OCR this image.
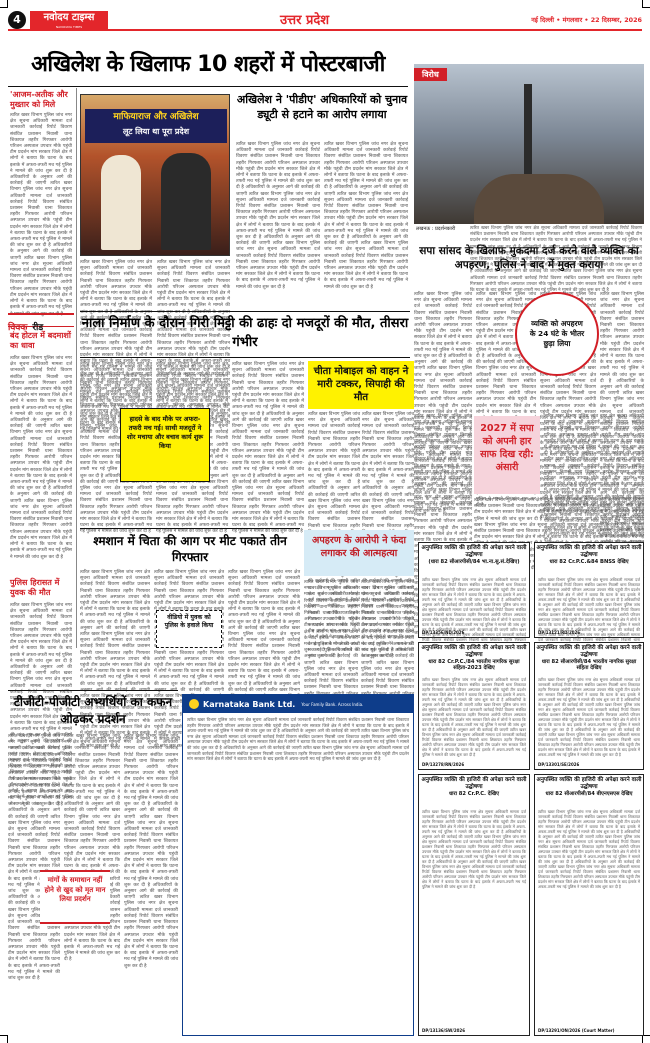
4	नवोदय टाइम्स
NAVODAYA TIMES	उत्तर प्रदेश	नई दिल्ली • मंगलवार • 22 दिसम्बर, 2026
अखिलेश के खिलाफ 10 शहरों में पोस्टरबाजी
'आजम-अतीक और मुख्तार को मिले
त्वरित खबर विभाग पुलिस जांच नगर क्षेत्र सूचना अधिकारी मामला दर्ज जानकारी कार्रवाई रिपोर्ट विवरण संबंधित प्रशासन निवासी थाना शिकायत तहरीर गिरफ्तार आरोपी परिजन अस्पताल उपचार मौके पहुंची टीम प्रदर्शन मांग सरकार जिले क्षेत्र में लोगों ने बताया कि घटना के बाद इलाके में अफरा-तफरी मच गई पुलिस ने मामले की जांच शुरू कर दी है अधिकारियों के अनुसार आगे की कार्रवाई की जाएगी त्वरित खबर विभाग पुलिस जांच नगर क्षेत्र सूचना अधिकारी मामला दर्ज जानकारी कार्रवाई रिपोर्ट विवरण संबंधित प्रशासन निवासी थाना शिकायत तहरीर गिरफ्तार आरोपी परिजन अस्पताल उपचार मौके पहुंची टीम प्रदर्शन मांग सरकार जिले क्षेत्र में लोगों ने बताया कि घटना के बाद इलाके में अफरा-तफरी मच गई पुलिस ने मामले की जांच शुरू कर दी है अधिकारियों के अनुसार आगे की कार्रवाई की जाएगी त्वरित खबर विभाग पुलिस जांच नगर क्षेत्र सूचना अधिकारी मामला दर्ज जानकारी कार्रवाई रिपोर्ट विवरण संबंधित प्रशासन निवासी थाना शिकायत तहरीर गिरफ्तार आरोपी परिजन अस्पताल उपचार मौके पहुंची टीम प्रदर्शन मांग सरकार जिले क्षेत्र में लोगों ने बताया कि घटना के बाद इलाके में अफरा-तफरी मच गई पुलिस ने मामले की जांच शुरू कर दी है
विवक रीड
बंद होटल में बदमाशों का धावा
त्वरित खबर विभाग पुलिस जांच नगर क्षेत्र सूचना अधिकारी मामला दर्ज जानकारी कार्रवाई रिपोर्ट विवरण संबंधित प्रशासन निवासी थाना शिकायत तहरीर गिरफ्तार आरोपी परिजन अस्पताल उपचार मौके पहुंची टीम प्रदर्शन मांग सरकार जिले क्षेत्र में लोगों ने बताया कि घटना के बाद इलाके में अफरा-तफरी मच गई पुलिस ने मामले की जांच शुरू कर दी है अधिकारियों के अनुसार आगे की कार्रवाई की जाएगी त्वरित खबर विभाग पुलिस जांच नगर क्षेत्र सूचना अधिकारी मामला दर्ज जानकारी कार्रवाई रिपोर्ट विवरण संबंधित प्रशासन निवासी थाना शिकायत तहरीर गिरफ्तार आरोपी परिजन अस्पताल उपचार मौके पहुंची टीम प्रदर्शन मांग सरकार जिले क्षेत्र में लोगों ने बताया कि घटना के बाद इलाके में अफरा-तफरी मच गई पुलिस ने मामले की जांच शुरू कर दी है अधिकारियों के अनुसार आगे की कार्रवाई की जाएगी त्वरित खबर विभाग पुलिस जांच नगर क्षेत्र सूचना अधिकारी मामला दर्ज जानकारी कार्रवाई रिपोर्ट विवरण संबंधित प्रशासन निवासी थाना शिकायत तहरीर गिरफ्तार आरोपी परिजन अस्पताल उपचार मौके पहुंची टीम प्रदर्शन मांग सरकार जिले क्षेत्र में लोगों ने बताया कि घटना के बाद इलाके में अफरा-तफरी मच गई पुलिस ने मामले की जांच शुरू कर दी है
पुलिस हिरासत में युवक की मौत
त्वरित खबर विभाग पुलिस जांच नगर क्षेत्र सूचना अधिकारी मामला दर्ज जानकारी कार्रवाई रिपोर्ट विवरण संबंधित प्रशासन निवासी थाना शिकायत तहरीर गिरफ्तार आरोपी परिजन अस्पताल उपचार मौके पहुंची टीम प्रदर्शन मांग सरकार जिले क्षेत्र में लोगों ने बताया कि घटना के बाद इलाके में अफरा-तफरी मच गई पुलिस ने मामले की जांच शुरू कर दी है अधिकारियों के अनुसार आगे की कार्रवाई की जाएगी त्वरित खबर विभाग पुलिस जांच नगर क्षेत्र सूचना अधिकारी मामला दर्ज जानकारी कार्रवाई रिपोर्ट विवरण संबंधित प्रशासन निवासी थाना शिकायत तहरीर गिरफ्तार आरोपी परिजन अस्पताल उपचार मौके पहुंची टीम प्रदर्शन मांग सरकार जिले क्षेत्र में लोगों ने बताया कि घटना के बाद इलाके में अफरा-तफरी मच गई पुलिस ने मामले की जांच शुरू कर दी है अधिकारियों के अनुसार आगे की कार्रवाई की जाएगी त्वरित खबर विभाग पुलिस जांच नगर क्षेत्र सूचना अधिकारी मामला दर्ज जानकारी कार्रवाई रिपोर्ट विवरण संबंधित प्रशासन निवासी थाना शिकायत तहरीर गिरफ्तार आरोपी परिजन अस्पताल उपचार मौके पहुंची टीम प्रदर्शन मांग सरकार जिले क्षेत्र में लोगों ने बताया कि घटना के बाद इलाके में अफरा-तफरी मच गई पुलिस ने मामले की जांच शुरू कर दी है
माफियाराज और अखिलेश
लूट लिया था पूरा प्रदेश
त्वरित खबर विभाग पुलिस जांच नगर क्षेत्र सूचना अधिकारी मामला दर्ज जानकारी कार्रवाई रिपोर्ट विवरण संबंधित प्रशासन निवासी थाना शिकायत तहरीर गिरफ्तार आरोपी परिजन अस्पताल उपचार मौके पहुंची टीम प्रदर्शन मांग सरकार जिले क्षेत्र में लोगों ने बताया कि घटना के बाद इलाके में अफरा-तफरी मच गई पुलिस ने मामले की जांच शुरू कर दी है अधिकारियों के अनुसार आगे की कार्रवाई की जाएगी त्वरित खबर विभाग पुलिस जांच नगर क्षेत्र सूचना अधिकारी मामला दर्ज जानकारी कार्रवाई रिपोर्ट विवरण संबंधित प्रशासन निवासी थाना शिकायत तहरीर गिरफ्तार आरोपी परिजन अस्पताल उपचार मौके पहुंची टीम प्रदर्शन मांग सरकार जिले क्षेत्र में लोगों ने बताया कि घटना के बाद इलाके में अफरा-तफरी मच गई पुलिस ने मामले की जांच शुरू कर दी है अधिकारियों के अनुसार आगे की कार्रवाई की जाएगी त्वरित खबर विभाग पुलिस जांच नगर क्षेत्र सूचना अधिकारी मामला दर्ज जानकारी कार्रवाई रिपोर्ट विवरण संबंधित प्रशासन निवासी थाना शिकायत तहरीर गिरफ्तार आरोपी परिजन अस्पताल उपचार मौके पहुंची टीम प्रदर्शन मांग सरकार जिले क्षेत्र में लोगों ने बताया कि घटना के बाद इलाके में अफरा-तफरी मच गई पुलिस ने मामले की जांच शुरू कर दी है
त्वरित खबर विभाग पुलिस जांच नगर क्षेत्र सूचना अधिकारी मामला दर्ज जानकारी कार्रवाई रिपोर्ट विवरण संबंधित प्रशासन निवासी थाना शिकायत तहरीर गिरफ्तार आरोपी परिजन अस्पताल उपचार मौके पहुंची टीम प्रदर्शन मांग सरकार जिले क्षेत्र में लोगों ने बताया कि घटना के बाद इलाके में अफरा-तफरी मच गई पुलिस ने मामले की जांच शुरू कर दी है अधिकारियों के अनुसार आगे की कार्रवाई की जाएगी त्वरित खबर विभाग पुलिस जांच नगर क्षेत्र सूचना अधिकारी मामला दर्ज जानकारी कार्रवाई रिपोर्ट विवरण संबंधित प्रशासन निवासी थाना शिकायत तहरीर गिरफ्तार आरोपी परिजन अस्पताल उपचार मौके पहुंची टीम प्रदर्शन मांग सरकार जिले क्षेत्र में लोगों ने बताया कि घटना के बाद इलाके में अफरा-तफरी मच गई पुलिस ने मामले की जांच शुरू कर दी है अधिकारियों के अनुसार आगे की कार्रवाई की जाएगी त्वरित खबर विभाग पुलिस जांच नगर क्षेत्र सूचना अधिकारी मामला दर्ज जानकारी कार्रवाई रिपोर्ट विवरण संबंधित प्रशासन निवासी थाना शिकायत तहरीर गिरफ्तार आरोपी परिजन अस्पताल उपचार मौके पहुंची टीम प्रदर्शन मांग सरकार जिले क्षेत्र में लोगों ने बताया कि घटना के बाद इलाके में अफरा-तफरी मच गई पुलिस ने मामले की जांच शुरू कर दी है
अखिलेश ने 'पीडीए' अधिकारियों को चुनाव ड्यूटी से हटाने का आरोप लगाया
त्वरित खबर विभाग पुलिस जांच नगर क्षेत्र सूचना अधिकारी मामला दर्ज जानकारी कार्रवाई रिपोर्ट विवरण संबंधित प्रशासन निवासी थाना शिकायत तहरीर गिरफ्तार आरोपी परिजन अस्पताल उपचार मौके पहुंची टीम प्रदर्शन मांग सरकार जिले क्षेत्र में लोगों ने बताया कि घटना के बाद इलाके में अफरा-तफरी मच गई पुलिस ने मामले की जांच शुरू कर दी है अधिकारियों के अनुसार आगे की कार्रवाई की जाएगी त्वरित खबर विभाग पुलिस जांच नगर क्षेत्र सूचना अधिकारी मामला दर्ज जानकारी कार्रवाई रिपोर्ट विवरण संबंधित प्रशासन निवासी थाना शिकायत तहरीर गिरफ्तार आरोपी परिजन अस्पताल उपचार मौके पहुंची टीम प्रदर्शन मांग सरकार जिले क्षेत्र में लोगों ने बताया कि घटना के बाद इलाके में अफरा-तफरी मच गई पुलिस ने मामले की जांच शुरू कर दी है अधिकारियों के अनुसार आगे की कार्रवाई की जाएगी त्वरित खबर विभाग पुलिस जांच नगर क्षेत्र सूचना अधिकारी मामला दर्ज जानकारी कार्रवाई रिपोर्ट विवरण संबंधित प्रशासन निवासी थाना शिकायत तहरीर गिरफ्तार आरोपी परिजन अस्पताल उपचार मौके पहुंची टीम प्रदर्शन मांग सरकार जिले क्षेत्र में लोगों ने बताया कि घटना के बाद इलाके में अफरा-तफरी मच गई पुलिस ने मामले की जांच शुरू कर दी है
त्वरित खबर विभाग पुलिस जांच नगर क्षेत्र सूचना अधिकारी मामला दर्ज जानकारी कार्रवाई रिपोर्ट विवरण संबंधित प्रशासन निवासी थाना शिकायत तहरीर गिरफ्तार आरोपी परिजन अस्पताल उपचार मौके पहुंची टीम प्रदर्शन मांग सरकार जिले क्षेत्र में लोगों ने बताया कि घटना के बाद इलाके में अफरा-तफरी मच गई पुलिस ने मामले की जांच शुरू कर दी है अधिकारियों के अनुसार आगे की कार्रवाई की जाएगी त्वरित खबर विभाग पुलिस जांच नगर क्षेत्र सूचना अधिकारी मामला दर्ज जानकारी कार्रवाई रिपोर्ट विवरण संबंधित प्रशासन निवासी थाना शिकायत तहरीर गिरफ्तार आरोपी परिजन अस्पताल उपचार मौके पहुंची टीम प्रदर्शन मांग सरकार जिले क्षेत्र में लोगों ने बताया कि घटना के बाद इलाके में अफरा-तफरी मच गई पुलिस ने मामले की जांच शुरू कर दी है अधिकारियों के अनुसार आगे की कार्रवाई की जाएगी त्वरित खबर विभाग पुलिस जांच नगर क्षेत्र सूचना अधिकारी मामला दर्ज जानकारी कार्रवाई रिपोर्ट विवरण संबंधित प्रशासन निवासी थाना शिकायत तहरीर गिरफ्तार आरोपी परिजन अस्पताल उपचार मौके पहुंची टीम प्रदर्शन मांग सरकार जिले क्षेत्र में लोगों ने बताया कि घटना के बाद इलाके में अफरा-तफरी मच गई पुलिस ने मामले की जांच शुरू कर दी है
विरोध
लखनऊ : प्रदर्शनकारी
त्वरित खबर विभाग पुलिस जांच नगर क्षेत्र सूचना अधिकारी मामला दर्ज जानकारी कार्रवाई रिपोर्ट विवरण संबंधित प्रशासन निवासी थाना शिकायत तहरीर गिरफ्तार आरोपी परिजन अस्पताल उपचार मौके पहुंची टीम प्रदर्शन मांग सरकार जिले क्षेत्र में लोगों ने बताया कि घटना के बाद इलाके में अफरा-तफरी मच गई पुलिस ने मामले की जांच शुरू कर दी है अधिकारियों के अनुसार आगे की कार्रवाई की जाएगी त्वरित खबर विभाग पुलिस जांच नगर क्षेत्र सूचना अधिकारी मामला दर्ज जानकारी कार्रवाई रिपोर्ट विवरण संबंधित प्रशासन निवासी थाना शिकायत तहरीर गिरफ्तार आरोपी परिजन अस्पताल उपचार मौके पहुंची टीम प्रदर्शन मांग सरकार जिले क्षेत्र में लोगों ने बताया कि घटना के बाद इलाके में अफरा-तफरी मच गई पुलिस ने मामले की जांच शुरू कर दी है अधिकारियों के अनुसार आगे की कार्रवाई की जाएगी त्वरित खबर विभाग पुलिस जांच नगर क्षेत्र सूचना अधिकारी मामला दर्ज जानकारी कार्रवाई रिपोर्ट विवरण संबंधित प्रशासन निवासी थाना शिकायत तहरीर गिरफ्तार आरोपी परिजन अस्पताल उपचार मौके पहुंची टीम प्रदर्शन मांग सरकार जिले क्षेत्र में लोगों ने बताया कि घटना के बाद इलाके में अफरा-तफरी मच गई पुलिस ने मामले की जांच शुरू कर दी है
सपा सांसद के खिलाफ मुकदमा दर्ज करने वाले व्यक्ति का अपहरण, पुलिस ने बाद में मुक्त कराया
त्वरित खबर विभाग पुलिस जांच नगर क्षेत्र सूचना अधिकारी मामला दर्ज जानकारी कार्रवाई रिपोर्ट विवरण संबंधित प्रशासन निवासी थाना शिकायत तहरीर गिरफ्तार आरोपी परिजन अस्पताल उपचार मौके पहुंची टीम प्रदर्शन मांग सरकार जिले क्षेत्र में लोगों ने बताया कि घटना के बाद इलाके में अफरा-तफरी मच गई पुलिस ने मामले की जांच शुरू कर दी है अधिकारियों के अनुसार आगे की कार्रवाई की जाएगी त्वरित खबर विभाग पुलिस जांच नगर क्षेत्र सूचना अधिकारी मामला दर्ज जानकारी कार्रवाई रिपोर्ट विवरण संबंधित प्रशासन निवासी थाना शिकायत तहरीर गिरफ्तार आरोपी परिजन अस्पताल उपचार मौके पहुंची टीम प्रदर्शन मांग सरकार जिले क्षेत्र में लोगों ने बताया कि घटना के बाद इलाके में अफरा-तफरी मच गई पुलिस ने मामले की जांच शुरू कर दी है अधिकारियों के अनुसार आगे की कार्रवाई की जाएगी त्वरित खबर विभाग पुलिस जांच नगर क्षेत्र सूचना अधिकारी मामला दर्ज जानकारी कार्रवाई रिपोर्ट विवरण संबंधित प्रशासन निवासी थाना शिकायत तहरीर गिरफ्तार आरोपी परिजन अस्पताल उपचार मौके पहुंची टीम प्रदर्शन मांग सरकार जिले क्षेत्र में लोगों ने बताया कि घटना के बाद इलाके में अफरा-तफरी मच गई पुलिस ने मामले की जांच शुरू कर दी है
त्वरित खबर विभाग पुलिस जांच नगर क्षेत्र सूचना अधिकारी मामला दर्ज जानकारी कार्रवाई रिपोर्ट विवरण संबंधित प्रशासन निवासी थाना शिकायत तहरीर गिरफ्तार आरोपी परिजन अस्पताल उपचार मौके पहुंची टीम प्रदर्शन मांग सरकार जिले क्षेत्र में लोगों ने बताया कि घटना के बाद इलाके में अफरा-तफरी मच गई पुलिस ने मामले की जांच शुरू कर दी है अधिकारियों के अनुसार आगे की कार्रवाई की जाएगी त्वरित खबर विभाग पुलिस जांच नगर क्षेत्र सूचना अधिकारी मामला दर्ज जानकारी कार्रवाई रिपोर्ट विवरण संबंधित प्रशासन निवासी थाना शिकायत तहरीर गिरफ्तार आरोपी परिजन अस्पताल उपचार मौके पहुंची टीम प्रदर्शन मांग सरकार जिले क्षेत्र में लोगों ने बताया कि घटना के बाद इलाके में अफरा-तफरी मच गई पुलिस ने मामले की जांच शुरू कर दी है अधिकारियों के अनुसार आगे की कार्रवाई की जाएगी त्वरित खबर विभाग पुलिस जांच नगर क्षेत्र सूचना अधिकारी मामला दर्ज जानकारी कार्रवाई रिपोर्ट विवरण संबंधित प्रशासन निवासी थाना शिकायत तहरीर गिरफ्तार आरोपी परिजन अस्पताल उपचार मौके पहुंची टीम प्रदर्शन मांग सरकार जिले क्षेत्र में लोगों ने बताया कि घटना के बाद इलाके में अफरा-तफरी मच गई पुलिस ने मामले की जांच शुरू कर दी है
त्वरित खबर विभाग पुलिस जांच नगर क्षेत्र सूचना अधिकारी मामला दर्ज जानकारी कार्रवाई रिपोर्ट विवरण संबंधित प्रशासन निवासी थाना शिकायत तहरीर गिरफ्तार आरोपी परिजन अस्पताल उपचार मौके पहुंची टीम प्रदर्शन मांग सरकार जिले क्षेत्र में लोगों ने बताया कि घटना के बाद इलाके में अफरा-तफरी मच गई पुलिस ने मामले की जांच शुरू कर दी है अधिकारियों के अनुसार आगे की कार्रवाई की जाएगी त्वरित खबर विभाग पुलिस जांच नगर क्षेत्र सूचना अधिकारी मामला दर्ज जानकारी कार्रवाई रिपोर्ट विवरण संबंधित प्रशासन निवासी थाना शिकायत तहरीर गिरफ्तार आरोपी परिजन अस्पताल उपचार मौके पहुंची टीम प्रदर्शन मांग सरकार जिले क्षेत्र में लोगों ने बताया कि घटना के बाद इलाके में अफरा-तफरी मच गई पुलिस ने मामले की जांच शुरू कर दी है अधिकारियों के अनुसार आगे की कार्रवाई की जाएगी त्वरित खबर विभाग पुलिस जांच नगर क्षेत्र सूचना अधिकारी मामला दर्ज जानकारी कार्रवाई रिपोर्ट विवरण संबंधित प्रशासन निवासी थाना शिकायत तहरीर गिरफ्तार आरोपी परिजन अस्पताल उपचार मौके पहुंची टीम प्रदर्शन मांग सरकार जिले क्षेत्र में लोगों ने बताया कि घटना के बाद इलाके में अफरा-तफरी मच गई पुलिस ने मामले की जांच शुरू कर दी है
त्वरित खबर विभाग पुलिस जांच नगर क्षेत्र सूचना अधिकारी मामला दर्ज जानकारी कार्रवाई रिपोर्ट विवरण संबंधित प्रशासन निवासी थाना शिकायत तहरीर गिरफ्तार आरोपी परिजन अस्पताल उपचार मौके पहुंची टीम प्रदर्शन मांग सरकार जिले क्षेत्र में लोगों ने बताया कि घटना के बाद इलाके में अफरा-तफरी मच गई पुलिस ने मामले की जांच शुरू कर दी है अधिकारियों के अनुसार आगे की कार्रवाई की जाएगी त्वरित खबर विभाग पुलिस जांच नगर क्षेत्र सूचना अधिकारी मामला दर्ज जानकारी कार्रवाई रिपोर्ट विवरण संबंधित प्रशासन निवासी थाना शिकायत तहरीर गिरफ्तार आरोपी परिजन अस्पताल उपचार मौके पहुंची टीम प्रदर्शन मांग सरकार जिले क्षेत्र में लोगों ने बताया कि घटना के बाद इलाके में अफरा-तफरी मच गई पुलिस ने मामले की जांच शुरू कर दी है अधिकारियों के अनुसार आगे की कार्रवाई की जाएगी त्वरित खबर विभाग पुलिस जांच नगर क्षेत्र सूचना अधिकारी मामला दर्ज जानकारी कार्रवाई रिपोर्ट विवरण संबंधित प्रशासन निवासी थाना शिकायत तहरीर गिरफ्तार आरोपी परिजन अस्पताल उपचार मौके पहुंची टीम प्रदर्शन मांग सरकार जिले क्षेत्र में लोगों ने बताया कि घटना के बाद इलाके में अफरा-तफरी मच गई पुलिस ने मामले की जांच शुरू कर दी है
व्यक्ति को अपहरण के 24 घंटे के भीतर छुड़ा लिया
त्वरित खबर विभाग पुलिस जांच नगर क्षेत्र सूचना अधिकारी मामला दर्ज जानकारी कार्रवाई रिपोर्ट विवरण संबंधित प्रशासन निवासी थाना शिकायत तहरीर गिरफ्तार आरोपी परिजन अस्पताल उपचार मौके पहुंची टीम प्रदर्शन मांग सरकार जिले क्षेत्र में लोगों ने बताया कि घटना के बाद इलाके में अफरा-तफरी मच गई पुलिस ने मामले की जांच शुरू कर दी है अधिकारियों के अनुसार आगे की कार्रवाई की जाएगी त्वरित खबर विभाग पुलिस जांच नगर क्षेत्र सूचना अधिकारी मामला दर्ज जानकारी कार्रवाई रिपोर्ट विवरण संबंधित प्रशासन निवासी थाना शिकायत तहरीर गिरफ्तार आरोपी परिजन अस्पताल उपचार मौके पहुंची टीम प्रदर्शन मांग सरकार जिले क्षेत्र में लोगों ने बताया कि घटना के बाद इलाके में अफरा-तफरी मच गई पुलिस ने मामले की जांच शुरू कर दी है अधिकारियों के अनुसार आगे की कार्रवाई की जाएगी त्वरित खबर विभाग पुलिस जांच नगर क्षेत्र सूचना अधिकारी मामला दर्ज जानकारी कार्रवाई रिपोर्ट विवरण संबंधित प्रशासन निवासी थाना शिकायत तहरीर गिरफ्तार आरोपी परिजन अस्पताल उपचार मौके पहुंची टीम प्रदर्शन मांग सरकार जिले क्षेत्र में लोगों ने बताया कि घटना के बाद इलाके में अफरा-तफरी मच गई पुलिस ने मामले की जांच शुरू कर दी है
2027 में सपा को अपनी हार साफ दिख रही: अंसारी
त्वरित खबर विभाग पुलिस जांच नगर क्षेत्र सूचना अधिकारी मामला दर्ज जानकारी कार्रवाई रिपोर्ट विवरण संबंधित प्रशासन निवासी थाना शिकायत तहरीर गिरफ्तार आरोपी परिजन अस्पताल उपचार मौके पहुंची टीम प्रदर्शन मांग सरकार जिले क्षेत्र में लोगों ने बताया कि घटना के बाद इलाके में अफरा-तफरी मच गई पुलिस ने मामले की जांच शुरू कर दी है अधिकारियों के अनुसार आगे की कार्रवाई की जाएगी त्वरित खबर विभाग पुलिस जांच नगर क्षेत्र सूचना अधिकारी मामला दर्ज जानकारी कार्रवाई रिपोर्ट विवरण संबंधित प्रशासन निवासी थाना शिकायत तहरीर गिरफ्तार आरोपी परिजन अस्पताल उपचार मौके पहुंची टीम प्रदर्शन मांग सरकार जिले क्षेत्र में लोगों ने बताया कि घटना के बाद इलाके में अफरा-तफरी मच गई पुलिस ने मामले की जांच शुरू कर दी है अधिकारियों के अनुसार आगे की कार्रवाई की जाएगी त्वरित खबर विभाग पुलिस जांच नगर क्षेत्र सूचना अधिकारी मामला दर्ज जानकारी कार्रवाई रिपोर्ट विवरण संबंधित प्रशासन निवासी थाना शिकायत तहरीर गिरफ्तार आरोपी परिजन अस्पताल उपचार मौके पहुंची टीम प्रदर्शन मांग सरकार जिले क्षेत्र में लोगों ने बताया कि घटना के बाद इलाके में अफरा-तफरी मच गई पुलिस ने मामले की जांच शुरू कर दी है
त्वरित खबर विभाग पुलिस जांच नगर क्षेत्र सूचना अधिकारी मामला दर्ज जानकारी कार्रवाई रिपोर्ट विवरण संबंधित प्रशासन निवासी थाना शिकायत तहरीर गिरफ्तार आरोपी परिजन अस्पताल उपचार मौके पहुंची टीम प्रदर्शन मांग सरकार जिले क्षेत्र में लोगों ने बताया कि घटना के बाद इलाके में अफरा-तफरी मच गई पुलिस ने मामले की जांच शुरू कर दी है अधिकारियों के अनुसार आगे की कार्रवाई की जाएगी त्वरित खबर विभाग पुलिस जांच नगर क्षेत्र सूचना अधिकारी मामला दर्ज जानकारी कार्रवाई रिपोर्ट विवरण संबंधित प्रशासन निवासी थाना शिकायत तहरीर गिरफ्तार आरोपी परिजन अस्पताल उपचार मौके पहुंची टीम प्रदर्शन मांग सरकार जिले क्षेत्र में लोगों ने बताया कि घटना के बाद इलाके में अफरा-तफरी मच गई पुलिस ने मामले की जांच शुरू कर दी है अधिकारियों के अनुसार आगे की कार्रवाई की जाएगी त्वरित खबर विभाग पुलिस जांच नगर क्षेत्र सूचना अधिकारी मामला दर्ज जानकारी कार्रवाई रिपोर्ट विवरण संबंधित प्रशासन निवासी थाना शिकायत तहरीर गिरफ्तार आरोपी परिजन अस्पताल उपचार मौके पहुंची टीम प्रदर्शन मांग सरकार जिले क्षेत्र में लोगों ने बताया कि घटना के बाद इलाके में अफरा-तफरी मच गई पुलिस ने मामले की जांच शुरू कर दी है
नाला निर्माण के दौरान गिरी मिट्टी की ढाहः दो मजदूरों की मौत, तीसरा गंभीर
त्वरित खबर विभाग पुलिस जांच नगर क्षेत्र सूचना अधिकारी मामला दर्ज जानकारी कार्रवाई रिपोर्ट विवरण संबंधित प्रशासन निवासी थाना शिकायत तहरीर गिरफ्तार आरोपी परिजन अस्पताल उपचार मौके पहुंची टीम प्रदर्शन मांग सरकार जिले क्षेत्र में लोगों ने बताया कि घटना के बाद इलाके में अफरा-तफरी मच गई पुलिस ने मामले की जांच शुरू कर दी है अधिकारियों के अनुसार आगे की कार्रवाई की जाएगी त्वरित खबर विभाग पुलिस जांच नगर क्षेत्र सूचना अधिकारी मामला दर्ज जानकारी कार्रवाई रिपोर्ट विवरण संबंधित प्रशासन निवासी थाना शिकायत तहरीर गिरफ्तार आरोपी परिजन अस्पताल उपचार मौके पहुंची टीम प्रदर्शन मांग सरकार जिले क्षेत्र में लोगों ने बताया कि घटना के बाद इलाके में अफरा-तफरी मच गई पुलिस ने मामले की जांच शुरू कर दी है अधिकारियों के अनुसार आगे की कार्रवाई की जाएगी त्वरित खबर विभाग पुलिस जांच नगर क्षेत्र सूचना अधिकारी मामला दर्ज जानकारी कार्रवाई रिपोर्ट विवरण संबंधित प्रशासन निवासी थाना शिकायत तहरीर गिरफ्तार आरोपी परिजन अस्पताल उपचार मौके पहुंची टीम प्रदर्शन मांग सरकार जिले क्षेत्र में लोगों ने बताया कि घटना के बाद इलाके में अफरा-तफरी मच गई पुलिस ने मामले की जांच शुरू कर दी है
त्वरित खबर विभाग पुलिस जांच नगर क्षेत्र सूचना अधिकारी मामला दर्ज जानकारी कार्रवाई रिपोर्ट विवरण संबंधित प्रशासन निवासी थाना शिकायत तहरीर गिरफ्तार आरोपी परिजन अस्पताल उपचार मौके पहुंची टीम प्रदर्शन मांग सरकार जिले क्षेत्र में लोगों ने बताया कि घटना के बाद इलाके में अफरा-तफरी मच गई पुलिस ने मामले की जांच शुरू कर दी है अधिकारियों के अनुसार आगे की कार्रवाई की जाएगी त्वरित खबर विभाग पुलिस जांच नगर क्षेत्र सूचना अधिकारी मामला दर्ज जानकारी कार्रवाई रिपोर्ट विवरण संबंधित प्रशासन निवासी थाना शिकायत तहरीर गिरफ्तार आरोपी परिजन अस्पताल उपचार मौके पहुंची टीम प्रदर्शन मांग सरकार जिले क्षेत्र में लोगों ने बताया कि घटना के बाद इलाके में अफरा-तफरी मच गई पुलिस ने मामले की जांच शुरू कर दी है अधिकारियों के अनुसार आगे की कार्रवाई की जाएगी त्वरित खबर विभाग पुलिस जांच नगर क्षेत्र सूचना अधिकारी मामला दर्ज जानकारी कार्रवाई रिपोर्ट विवरण संबंधित प्रशासन निवासी थाना शिकायत तहरीर गिरफ्तार आरोपी परिजन अस्पताल उपचार मौके पहुंची टीम प्रदर्शन मांग सरकार जिले क्षेत्र में लोगों ने बताया कि घटना के बाद इलाके में अफरा-तफरी मच गई पुलिस ने मामले की जांच शुरू कर दी है
त्वरित खबर विभाग पुलिस जांच नगर क्षेत्र सूचना अधिकारी मामला दर्ज जानकारी कार्रवाई रिपोर्ट विवरण संबंधित प्रशासन निवासी थाना शिकायत तहरीर गिरफ्तार आरोपी परिजन अस्पताल उपचार मौके पहुंची टीम प्रदर्शन मांग सरकार जिले क्षेत्र में लोगों ने बताया कि घटना के बाद इलाके में अफरा-तफरी मच गई पुलिस ने मामले की जांच शुरू कर दी है अधिकारियों के अनुसार आगे की कार्रवाई की जाएगी त्वरित खबर विभाग पुलिस जांच नगर क्षेत्र सूचना अधिकारी मामला दर्ज जानकारी कार्रवाई रिपोर्ट विवरण संबंधित प्रशासन निवासी थाना शिकायत तहरीर गिरफ्तार आरोपी परिजन अस्पताल उपचार मौके पहुंची टीम प्रदर्शन मांग सरकार जिले क्षेत्र में लोगों ने बताया कि घटना के बाद इलाके में अफरा-तफरी मच गई पुलिस ने मामले की जांच शुरू कर दी है अधिकारियों के अनुसार आगे की कार्रवाई की जाएगी त्वरित खबर विभाग पुलिस जांच नगर क्षेत्र सूचना अधिकारी मामला दर्ज जानकारी कार्रवाई रिपोर्ट विवरण संबंधित प्रशासन निवासी थाना शिकायत तहरीर गिरफ्तार आरोपी परिजन अस्पताल उपचार मौके पहुंची टीम प्रदर्शन मांग सरकार जिले क्षेत्र में लोगों ने बताया कि घटना के बाद इलाके में अफरा-तफरी मच गई पुलिस ने मामले की जांच शुरू कर दी है
हादसे के बाद मौके पर अफरा-तफरी मच गई। साथी मजदूरों ने शोर मचाया और बचाव कार्य शुरू किया
चीता मोबाइल को वाहन ने मारी टक्कर, सिपाही की मौत
त्वरित खबर विभाग पुलिस जांच नगर क्षेत्र सूचना अधिकारी मामला दर्ज जानकारी कार्रवाई रिपोर्ट विवरण संबंधित प्रशासन निवासी थाना शिकायत तहरीर गिरफ्तार आरोपी परिजन अस्पताल उपचार मौके पहुंची टीम प्रदर्शन मांग सरकार जिले क्षेत्र में लोगों ने बताया कि घटना के बाद इलाके में अफरा-तफरी मच गई पुलिस ने मामले की जांच शुरू कर दी है अधिकारियों के अनुसार आगे की कार्रवाई की जाएगी त्वरित खबर विभाग पुलिस जांच नगर क्षेत्र सूचना अधिकारी मामला दर्ज जानकारी कार्रवाई रिपोर्ट विवरण संबंधित प्रशासन निवासी थाना शिकायत तहरीर गिरफ्तार आरोपी परिजन अस्पताल उपचार मौके पहुंची टीम प्रदर्शन मांग सरकार जिले क्षेत्र में लोगों ने बताया कि घटना के बाद इलाके में अफरा-तफरी मच गई पुलिस ने मामले की जांच शुरू कर दी है अधिकारियों के अनुसार आगे की कार्रवाई की जाएगी त्वरित खबर विभाग पुलिस जांच नगर क्षेत्र सूचना अधिकारी मामला दर्ज जानकारी कार्रवाई रिपोर्ट विवरण संबंधित प्रशासन निवासी थाना शिकायत तहरीर गिरफ्तार आरोपी परिजन अस्पताल उपचार मौके पहुंची टीम प्रदर्शन मांग सरकार जिले क्षेत्र में लोगों ने बताया कि घटना के बाद इलाके में अफरा-तफरी मच गई पुलिस ने मामले की जांच शुरू कर दी है
त्वरित खबर विभाग पुलिस जांच नगर क्षेत्र सूचना अधिकारी मामला दर्ज जानकारी कार्रवाई रिपोर्ट विवरण संबंधित प्रशासन निवासी थाना शिकायत तहरीर गिरफ्तार आरोपी परिजन अस्पताल उपचार मौके पहुंची टीम प्रदर्शन मांग सरकार जिले क्षेत्र में लोगों ने बताया कि घटना के बाद इलाके में अफरा-तफरी मच गई पुलिस ने मामले की जांच शुरू कर दी है अधिकारियों के अनुसार आगे की कार्रवाई की जाएगी त्वरित खबर विभाग पुलिस जांच नगर क्षेत्र सूचना अधिकारी मामला दर्ज जानकारी कार्रवाई रिपोर्ट विवरण संबंधित प्रशासन निवासी थाना शिकायत तहरीर गिरफ्तार आरोपी परिजन अस्पताल उपचार मौके पहुंची टीम प्रदर्शन मांग सरकार जिले क्षेत्र में लोगों ने बताया कि घटना के बाद इलाके में अफरा-तफरी मच गई पुलिस ने मामले की जांच शुरू कर दी है अधिकारियों के अनुसार आगे की कार्रवाई की जाएगी त्वरित खबर विभाग पुलिस जांच नगर क्षेत्र सूचना अधिकारी मामला दर्ज जानकारी कार्रवाई रिपोर्ट विवरण संबंधित प्रशासन निवासी थाना शिकायत तहरीर गिरफ्तार आरोपी परिजन अस्पताल उपचार मौके पहुंची टीम प्रदर्शन मांग सरकार जिले क्षेत्र में लोगों ने बताया कि घटना के बाद इलाके में अफरा-तफरी मच गई पुलिस ने मामले की जांच शुरू कर दी है
श्मशान में चिता की आग पर मीट पकाते तीन गिरफ्तार
त्वरित खबर विभाग पुलिस जांच नगर क्षेत्र सूचना अधिकारी मामला दर्ज जानकारी कार्रवाई रिपोर्ट विवरण संबंधित प्रशासन निवासी थाना शिकायत तहरीर गिरफ्तार आरोपी परिजन अस्पताल उपचार मौके पहुंची टीम प्रदर्शन मांग सरकार जिले क्षेत्र में लोगों ने बताया कि घटना के बाद इलाके में अफरा-तफरी मच गई पुलिस ने मामले की जांच शुरू कर दी है अधिकारियों के अनुसार आगे की कार्रवाई की जाएगी त्वरित खबर विभाग पुलिस जांच नगर क्षेत्र सूचना अधिकारी मामला दर्ज जानकारी कार्रवाई रिपोर्ट विवरण संबंधित प्रशासन निवासी थाना शिकायत तहरीर गिरफ्तार आरोपी परिजन अस्पताल उपचार मौके पहुंची टीम प्रदर्शन मांग सरकार जिले क्षेत्र में लोगों ने बताया कि घटना के बाद इलाके में अफरा-तफरी मच गई पुलिस ने मामले की जांच शुरू कर दी है अधिकारियों के अनुसार आगे की कार्रवाई की जाएगी त्वरित खबर विभाग पुलिस जांच नगर क्षेत्र सूचना अधिकारी मामला दर्ज जानकारी कार्रवाई रिपोर्ट विवरण संबंधित प्रशासन निवासी थाना शिकायत तहरीर गिरफ्तार आरोपी परिजन अस्पताल उपचार मौके पहुंची टीम प्रदर्शन मांग सरकार जिले क्षेत्र में लोगों ने बताया कि घटना के बाद इलाके में अफरा-तफरी मच गई पुलिस ने मामले की जांच शुरू कर दी है
त्वरित खबर विभाग पुलिस जांच नगर क्षेत्र सूचना अधिकारी मामला दर्ज जानकारी कार्रवाई रिपोर्ट विवरण संबंधित प्रशासन निवासी थाना शिकायत तहरीर गिरफ्तार आरोपी परिजन अस्पताल उपचार मौके पहुंची टीम प्रदर्शन मांग सरकार जिले क्षेत्र में लोगों ने बताया कि घटना के बाद इलाके में अफरा-तफरी मच गई पुलिस ने मामले की जांच शुरू कर दी है अधिकारियों के अनुसार आगे की कार्रवाई की जाएगी त्वरित खबर विभाग पुलिस जांच नगर क्षेत्र सूचना अधिकारी मामला दर्ज जानकारी कार्रवाई रिपोर्ट विवरण संबंधित प्रशासन निवासी थाना शिकायत तहरीर गिरफ्तार आरोपी परिजन अस्पताल उपचार मौके पहुंची टीम प्रदर्शन मांग सरकार जिले क्षेत्र में लोगों ने बताया कि घटना के बाद इलाके में अफरा-तफरी मच गई पुलिस ने मामले की जांच शुरू कर दी है अधिकारियों के अनुसार आगे की कार्रवाई की जाएगी त्वरित खबर विभाग पुलिस जांच नगर क्षेत्र सूचना अधिकारी मामला दर्ज जानकारी कार्रवाई रिपोर्ट विवरण संबंधित प्रशासन निवासी थाना शिकायत तहरीर गिरफ्तार आरोपी परिजन अस्पताल उपचार मौके पहुंची टीम प्रदर्शन मांग सरकार जिले क्षेत्र में लोगों ने बताया कि घटना के बाद इलाके में अफरा-तफरी मच गई पुलिस ने मामले की जांच शुरू कर दी है
त्वरित खबर विभाग पुलिस जांच नगर क्षेत्र सूचना अधिकारी मामला दर्ज जानकारी कार्रवाई रिपोर्ट विवरण संबंधित प्रशासन निवासी थाना शिकायत तहरीर गिरफ्तार आरोपी परिजन अस्पताल उपचार मौके पहुंची टीम प्रदर्शन मांग सरकार जिले क्षेत्र में लोगों ने बताया कि घटना के बाद इलाके में अफरा-तफरी मच गई पुलिस ने मामले की जांच शुरू कर दी है अधिकारियों के अनुसार आगे की कार्रवाई की जाएगी त्वरित खबर विभाग पुलिस जांच नगर क्षेत्र सूचना अधिकारी मामला दर्ज जानकारी कार्रवाई रिपोर्ट विवरण संबंधित प्रशासन निवासी थाना शिकायत तहरीर गिरफ्तार आरोपी परिजन अस्पताल उपचार मौके पहुंची टीम प्रदर्शन मांग सरकार जिले क्षेत्र में लोगों ने बताया कि घटना के बाद इलाके में अफरा-तफरी मच गई पुलिस ने मामले की जांच शुरू कर दी है अधिकारियों के अनुसार आगे की कार्रवाई की जाएगी त्वरित खबर विभाग पुलिस जांच नगर क्षेत्र सूचना अधिकारी मामला दर्ज जानकारी कार्रवाई रिपोर्ट विवरण संबंधित प्रशासन निवासी थाना शिकायत तहरीर गिरफ्तार आरोपी परिजन अस्पताल उपचार मौके पहुंची टीम प्रदर्शन मांग सरकार जिले क्षेत्र में लोगों ने बताया कि घटना के बाद इलाके में अफरा-तफरी मच गई पुलिस ने मामले की जांच शुरू कर दी है
वीडियो में युवक को पुलिस के हवाले किया
अपहरण के आरोपी ने फंदा लगाकर की आत्महत्या
त्वरित खबर विभाग पुलिस जांच नगर क्षेत्र सूचना अधिकारी मामला दर्ज जानकारी कार्रवाई रिपोर्ट विवरण संबंधित प्रशासन निवासी थाना शिकायत तहरीर गिरफ्तार आरोपी परिजन अस्पताल उपचार मौके पहुंची टीम प्रदर्शन मांग सरकार जिले क्षेत्र में लोगों ने बताया कि घटना के बाद इलाके में अफरा-तफरी मच गई पुलिस ने मामले की जांच शुरू कर दी है अधिकारियों के अनुसार आगे की कार्रवाई की जाएगी त्वरित खबर विभाग पुलिस जांच नगर क्षेत्र सूचना अधिकारी मामला दर्ज जानकारी कार्रवाई रिपोर्ट विवरण संबंधित प्रशासन निवासी थाना शिकायत तहरीर गिरफ्तार आरोपी परिजन अस्पताल उपचार मौके पहुंची टीम प्रदर्शन मांग सरकार जिले क्षेत्र में लोगों ने बताया कि घटना के बाद इलाके में अफरा-तफरी मच गई पुलिस ने मामले की जांच शुरू कर दी है अधिकारियों के अनुसार आगे की कार्रवाई की जाएगी त्वरित खबर विभाग पुलिस जांच नगर क्षेत्र सूचना अधिकारी मामला दर्ज जानकारी कार्रवाई रिपोर्ट विवरण संबंधित प्रशासन निवासी थाना शिकायत तहरीर गिरफ्तार आरोपी परिजन अस्पताल उपचार मौके पहुंची टीम प्रदर्शन मांग सरकार जिले क्षेत्र में लोगों ने बताया कि घटना के बाद इलाके में अफरा-तफरी मच गई पुलिस ने मामले की जांच शुरू कर दी है
त्वरित खबर विभाग पुलिस जांच नगर क्षेत्र सूचना अधिकारी मामला दर्ज जानकारी कार्रवाई रिपोर्ट विवरण संबंधित प्रशासन निवासी थाना शिकायत तहरीर गिरफ्तार आरोपी परिजन अस्पताल उपचार मौके पहुंची टीम प्रदर्शन मांग सरकार जिले क्षेत्र में लोगों ने बताया कि घटना के बाद इलाके में अफरा-तफरी मच गई पुलिस ने मामले की जांच शुरू कर दी है अधिकारियों के अनुसार आगे की कार्रवाई की जाएगी त्वरित खबर विभाग पुलिस जांच नगर क्षेत्र सूचना अधिकारी मामला दर्ज जानकारी कार्रवाई रिपोर्ट विवरण संबंधित प्रशासन निवासी थाना शिकायत तहरीर गिरफ्तार आरोपी परिजन अस्पताल उपचार मौके पहुंची टीम प्रदर्शन मांग सरकार जिले क्षेत्र में लोगों ने बताया कि घटना के बाद इलाके में अफरा-तफरी मच गई पुलिस ने मामले की जांच शुरू कर दी है अधिकारियों के अनुसार आगे की कार्रवाई की जाएगी त्वरित खबर विभाग पुलिस जांच नगर क्षेत्र सूचना अधिकारी मामला दर्ज जानकारी कार्रवाई रिपोर्ट विवरण संबंधित प्रशासन निवासी थाना शिकायत तहरीर गिरफ्तार आरोपी परिजन अस्पताल उपचार मौके पहुंची टीम प्रदर्शन मांग सरकार जिले क्षेत्र में लोगों ने बताया कि घटना के बाद इलाके में अफरा-तफरी मच गई पुलिस ने मामले की जांच शुरू कर दी है
टीजीटी-पीजीटी अभ्यर्थियों का कफन ओढ़कर प्रदर्शन
त्वरित खबर विभाग पुलिस जांच नगर क्षेत्र सूचना अधिकारी मामला दर्ज जानकारी कार्रवाई रिपोर्ट विवरण संबंधित प्रशासन निवासी थाना शिकायत तहरीर गिरफ्तार आरोपी परिजन अस्पताल उपचार मौके पहुंची टीम प्रदर्शन मांग सरकार जिले क्षेत्र में लोगों ने बताया कि घटना के बाद इलाके में अफरा-तफरी मच गई पुलिस ने मामले की जांच शुरू कर दी है अधिकारियों के अनुसार आगे की कार्रवाई की जाएगी त्वरित खबर विभाग पुलिस जांच नगर क्षेत्र सूचना अधिकारी मामला दर्ज जानकारी कार्रवाई रिपोर्ट विवरण संबंधित प्रशासन निवासी थाना शिकायत तहरीर गिरफ्तार आरोपी परिजन अस्पताल उपचार मौके पहुंची टीम प्रदर्शन मांग सरकार जिले क्षेत्र में लोगों ने बताया कि घटना के बाद इलाके में अफरा-तफरी मच गई पुलिस ने मामले की जांच शुरू कर दी है अधिकारियों के अनुसार आगे की कार्रवाई की जाएगी त्वरित खबर विभाग पुलिस जांच नगर क्षेत्र सूचना अधिकारी मामला दर्ज जानकारी कार्रवाई रिपोर्ट विवरण संबंधित प्रशासन निवासी थाना शिकायत तहरीर गिरफ्तार आरोपी परिजन अस्पताल उपचार मौके पहुंची टीम प्रदर्शन मांग सरकार जिले क्षेत्र में लोगों ने बताया कि घटना के बाद इलाके में अफरा-तफरी मच गई पुलिस ने मामले की जांच शुरू कर दी है
त्वरित खबर विभाग पुलिस जांच नगर क्षेत्र सूचना अधिकारी मामला दर्ज जानकारी कार्रवाई रिपोर्ट विवरण संबंधित प्रशासन निवासी थाना शिकायत तहरीर गिरफ्तार आरोपी परिजन अस्पताल उपचार मौके पहुंची टीम प्रदर्शन मांग सरकार जिले क्षेत्र में लोगों ने बताया कि घटना के बाद इलाके में अफरा-तफरी मच गई पुलिस ने मामले की जांच शुरू कर दी है अधिकारियों के अनुसार आगे की कार्रवाई की जाएगी त्वरित खबर विभाग पुलिस जांच नगर क्षेत्र सूचना अधिकारी मामला दर्ज जानकारी कार्रवाई रिपोर्ट विवरण संबंधित प्रशासन निवासी थाना शिकायत तहरीर गिरफ्तार आरोपी परिजन अस्पताल उपचार मौके पहुंची टीम प्रदर्शन मांग सरकार जिले क्षेत्र में लोगों ने बताया कि घटना के बाद इलाके में अफरा-तफरी मच गई पुलिस ने मामले की जांच शुरू कर दी है अधिकारियों के अनुसार आगे की कार्रवाई की जाएगी त्वरित खबर विभाग पुलिस जांच नगर क्षेत्र सूचना अधिकारी मामला दर्ज जानकारी कार्रवाई रिपोर्ट विवरण संबंधित प्रशासन निवासी थाना शिकायत तहरीर गिरफ्तार आरोपी परिजन अस्पताल उपचार मौके पहुंची टीम प्रदर्शन मांग सरकार जिले क्षेत्र में लोगों ने बताया कि घटना के बाद इलाके में अफरा-तफरी मच गई पुलिस ने मामले की जांच शुरू कर दी है
त्वरित खबर विभाग पुलिस जांच नगर क्षेत्र सूचना अधिकारी मामला दर्ज जानकारी कार्रवाई रिपोर्ट विवरण संबंधित प्रशासन निवासी थाना शिकायत तहरीर गिरफ्तार आरोपी परिजन अस्पताल उपचार मौके पहुंची टीम प्रदर्शन मांग सरकार जिले क्षेत्र में लोगों ने बताया कि घटना के बाद इलाके में अफरा-तफरी मच गई पुलिस ने मामले की जांच शुरू कर दी है अधिकारियों के अनुसार आगे की कार्रवाई की जाएगी त्वरित खबर विभाग पुलिस जांच नगर क्षेत्र सूचना अधिकारी मामला दर्ज जानकारी कार्रवाई रिपोर्ट विवरण संबंधित प्रशासन निवासी थाना शिकायत तहरीर गिरफ्तार आरोपी परिजन अस्पताल उपचार मौके पहुंची टीम प्रदर्शन मांग सरकार जिले क्षेत्र में लोगों ने बताया कि घटना के बाद इलाके में अफरा-तफरी मच गई पुलिस ने मामले की जांच शुरू कर दी है अधिकारियों के अनुसार आगे की कार्रवाई की जाएगी त्वरित खबर विभाग पुलिस जांच नगर क्षेत्र सूचना अधिकारी मामला दर्ज जानकारी कार्रवाई रिपोर्ट विवरण संबंधित प्रशासन निवासी थाना शिकायत तहरीर गिरफ्तार आरोपी परिजन अस्पताल उपचार मौके पहुंची टीम प्रदर्शन मांग सरकार जिले क्षेत्र में लोगों ने बताया कि घटना के बाद इलाके में अफरा-तफरी मच गई पुलिस ने मामले की जांच शुरू कर दी है
मांगों के समाधान नहीं होने से खुद को मृत मान लिया प्रदर्शन
Karnataka Bank Ltd. Your Family Bank. Across India.
त्वरित खबर विभाग पुलिस जांच नगर क्षेत्र सूचना अधिकारी मामला दर्ज जानकारी कार्रवाई रिपोर्ट विवरण संबंधित प्रशासन निवासी थाना शिकायत तहरीर गिरफ्तार आरोपी परिजन अस्पताल उपचार मौके पहुंची टीम प्रदर्शन मांग सरकार जिले क्षेत्र में लोगों ने बताया कि घटना के बाद इलाके में अफरा-तफरी मच गई पुलिस ने मामले की जांच शुरू कर दी है अधिकारियों के अनुसार आगे की कार्रवाई की जाएगी त्वरित खबर विभाग पुलिस जांच नगर क्षेत्र सूचना अधिकारी मामला दर्ज जानकारी कार्रवाई रिपोर्ट विवरण संबंधित प्रशासन निवासी थाना शिकायत तहरीर गिरफ्तार आरोपी परिजन अस्पताल उपचार मौके पहुंची टीम प्रदर्शन मांग सरकार जिले क्षेत्र में लोगों ने बताया कि घटना के बाद इलाके में अफरा-तफरी मच गई पुलिस ने मामले की जांच शुरू कर दी है अधिकारियों के अनुसार आगे की कार्रवाई की जाएगी त्वरित खबर विभाग पुलिस जांच नगर क्षेत्र सूचना अधिकारी मामला दर्ज जानकारी कार्रवाई रिपोर्ट विवरण संबंधित प्रशासन निवासी थाना शिकायत तहरीर गिरफ्तार आरोपी परिजन अस्पताल उपचार मौके पहुंची टीम प्रदर्शन मांग सरकार जिले क्षेत्र में लोगों ने बताया कि घटना के बाद इलाके में अफरा-तफरी मच गई पुलिस ने मामले की जांच शुरू कर दी है
अनुपस्थित व्यक्ति की हाजिरी की अपेक्षा करने वाली उद्घोषणा
(धारा 82 सीआरपीसी/84 भा.ना.सु.सं.देखिए)
त्वरित खबर विभाग पुलिस जांच नगर क्षेत्र सूचना अधिकारी मामला दर्ज जानकारी कार्रवाई रिपोर्ट विवरण संबंधित प्रशासन निवासी थाना शिकायत तहरीर गिरफ्तार आरोपी परिजन अस्पताल उपचार मौके पहुंची टीम प्रदर्शन मांग सरकार जिले क्षेत्र में लोगों ने बताया कि घटना के बाद इलाके में अफरा-तफरी मच गई पुलिस ने मामले की जांच शुरू कर दी है अधिकारियों के अनुसार आगे की कार्रवाई की जाएगी त्वरित खबर विभाग पुलिस जांच नगर क्षेत्र सूचना अधिकारी मामला दर्ज जानकारी कार्रवाई रिपोर्ट विवरण संबंधित प्रशासन निवासी थाना शिकायत तहरीर गिरफ्तार आरोपी परिजन अस्पताल उपचार मौके पहुंची टीम प्रदर्शन मांग सरकार जिले क्षेत्र में लोगों ने बताया कि घटना के बाद इलाके में अफरा-तफरी मच गई पुलिस ने मामले की जांच शुरू कर दी है अधिकारियों के अनुसार आगे की कार्रवाई की जाएगी त्वरित खबर विभाग पुलिस जांच नगर क्षेत्र सूचना अधिकारी मामला दर्ज जानकारी कार्रवाई रिपोर्ट विवरण संबंधित प्रशासन निवासी थाना शिकायत तहरीर गिरफ्तार आरोपी परिजन अस्पताल उपचार मौके पहुंची टीम प्रदर्शन मांग सरकार जिले क्षेत्र में लोगों ने बताया कि घटना के बाद इलाके में अफरा-तफरी मच गई पुलिस ने मामले की जांच शुरू कर दी है
DP/13356/ND/2026
अनुपस्थित व्यक्ति की हाजिरी की अपेक्षा करने वाली उद्घोषणा
धारा 82 Cr.P.C.&84 BNSS देखिए
त्वरित खबर विभाग पुलिस जांच नगर क्षेत्र सूचना अधिकारी मामला दर्ज जानकारी कार्रवाई रिपोर्ट विवरण संबंधित प्रशासन निवासी थाना शिकायत तहरीर गिरफ्तार आरोपी परिजन अस्पताल उपचार मौके पहुंची टीम प्रदर्शन मांग सरकार जिले क्षेत्र में लोगों ने बताया कि घटना के बाद इलाके में अफरा-तफरी मच गई पुलिस ने मामले की जांच शुरू कर दी है अधिकारियों के अनुसार आगे की कार्रवाई की जाएगी त्वरित खबर विभाग पुलिस जांच नगर क्षेत्र सूचना अधिकारी मामला दर्ज जानकारी कार्रवाई रिपोर्ट विवरण संबंधित प्रशासन निवासी थाना शिकायत तहरीर गिरफ्तार आरोपी परिजन अस्पताल उपचार मौके पहुंची टीम प्रदर्शन मांग सरकार जिले क्षेत्र में लोगों ने बताया कि घटना के बाद इलाके में अफरा-तफरी मच गई पुलिस ने मामले की जांच शुरू कर दी है अधिकारियों के अनुसार आगे की कार्रवाई की जाएगी त्वरित खबर विभाग पुलिस जांच नगर क्षेत्र सूचना अधिकारी मामला दर्ज जानकारी कार्रवाई रिपोर्ट विवरण संबंधित प्रशासन निवासी थाना शिकायत तहरीर गिरफ्तार आरोपी परिजन अस्पताल उपचार मौके पहुंची टीम प्रदर्शन मांग सरकार जिले क्षेत्र में लोगों ने बताया कि घटना के बाद इलाके में अफरा-तफरी मच गई पुलिस ने मामले की जांच शुरू कर दी है
DP/13121/RD/2026
अनुपस्थित व्यक्ति की हाजिरी की अपेक्षा करने वाली उद्घोषणा
धारा 82 Cr.P.C./84 भारतीय नागरिक सुरक्षा संहिता-2023 देखिए
त्वरित खबर विभाग पुलिस जांच नगर क्षेत्र सूचना अधिकारी मामला दर्ज जानकारी कार्रवाई रिपोर्ट विवरण संबंधित प्रशासन निवासी थाना शिकायत तहरीर गिरफ्तार आरोपी परिजन अस्पताल उपचार मौके पहुंची टीम प्रदर्शन मांग सरकार जिले क्षेत्र में लोगों ने बताया कि घटना के बाद इलाके में अफरा-तफरी मच गई पुलिस ने मामले की जांच शुरू कर दी है अधिकारियों के अनुसार आगे की कार्रवाई की जाएगी त्वरित खबर विभाग पुलिस जांच नगर क्षेत्र सूचना अधिकारी मामला दर्ज जानकारी कार्रवाई रिपोर्ट विवरण संबंधित प्रशासन निवासी थाना शिकायत तहरीर गिरफ्तार आरोपी परिजन अस्पताल उपचार मौके पहुंची टीम प्रदर्शन मांग सरकार जिले क्षेत्र में लोगों ने बताया कि घटना के बाद इलाके में अफरा-तफरी मच गई पुलिस ने मामले की जांच शुरू कर दी है अधिकारियों के अनुसार आगे की कार्रवाई की जाएगी त्वरित खबर विभाग पुलिस जांच नगर क्षेत्र सूचना अधिकारी मामला दर्ज जानकारी कार्रवाई रिपोर्ट विवरण संबंधित प्रशासन निवासी थाना शिकायत तहरीर गिरफ्तार आरोपी परिजन अस्पताल उपचार मौके पहुंची टीम प्रदर्शन मांग सरकार जिले क्षेत्र में लोगों ने बताया कि घटना के बाद इलाके में अफरा-तफरी मच गई पुलिस ने मामले की जांच शुरू कर दी है
DP/13278/RN/2026
अनुपस्थित व्यक्ति की हाजिरी की अपेक्षा करने वाली उद्घोषणा
धारा 82 सीआरपीसी/84 भारतीय नागरिक सुरक्षा संहिता देखिए
त्वरित खबर विभाग पुलिस जांच नगर क्षेत्र सूचना अधिकारी मामला दर्ज जानकारी कार्रवाई रिपोर्ट विवरण संबंधित प्रशासन निवासी थाना शिकायत तहरीर गिरफ्तार आरोपी परिजन अस्पताल उपचार मौके पहुंची टीम प्रदर्शन मांग सरकार जिले क्षेत्र में लोगों ने बताया कि घटना के बाद इलाके में अफरा-तफरी मच गई पुलिस ने मामले की जांच शुरू कर दी है अधिकारियों के अनुसार आगे की कार्रवाई की जाएगी त्वरित खबर विभाग पुलिस जांच नगर क्षेत्र सूचना अधिकारी मामला दर्ज जानकारी कार्रवाई रिपोर्ट विवरण संबंधित प्रशासन निवासी थाना शिकायत तहरीर गिरफ्तार आरोपी परिजन अस्पताल उपचार मौके पहुंची टीम प्रदर्शन मांग सरकार जिले क्षेत्र में लोगों ने बताया कि घटना के बाद इलाके में अफरा-तफरी मच गई पुलिस ने मामले की जांच शुरू कर दी है अधिकारियों के अनुसार आगे की कार्रवाई की जाएगी त्वरित खबर विभाग पुलिस जांच नगर क्षेत्र सूचना अधिकारी मामला दर्ज जानकारी कार्रवाई रिपोर्ट विवरण संबंधित प्रशासन निवासी थाना शिकायत तहरीर गिरफ्तार आरोपी परिजन अस्पताल उपचार मौके पहुंची टीम प्रदर्शन मांग सरकार जिले क्षेत्र में लोगों ने बताया कि घटना के बाद इलाके में अफरा-तफरी मच गई पुलिस ने मामले की जांच शुरू कर दी है
DP/13301/SE/2026
अनुपस्थित व्यक्ति की हाजिरी की अपेक्षा करने वाली उद्घोषणा
धारा 82 Cr.P.C. देखिए
त्वरित खबर विभाग पुलिस जांच नगर क्षेत्र सूचना अधिकारी मामला दर्ज जानकारी कार्रवाई रिपोर्ट विवरण संबंधित प्रशासन निवासी थाना शिकायत तहरीर गिरफ्तार आरोपी परिजन अस्पताल उपचार मौके पहुंची टीम प्रदर्शन मांग सरकार जिले क्षेत्र में लोगों ने बताया कि घटना के बाद इलाके में अफरा-तफरी मच गई पुलिस ने मामले की जांच शुरू कर दी है अधिकारियों के अनुसार आगे की कार्रवाई की जाएगी त्वरित खबर विभाग पुलिस जांच नगर क्षेत्र सूचना अधिकारी मामला दर्ज जानकारी कार्रवाई रिपोर्ट विवरण संबंधित प्रशासन निवासी थाना शिकायत तहरीर गिरफ्तार आरोपी परिजन अस्पताल उपचार मौके पहुंची टीम प्रदर्शन मांग सरकार जिले क्षेत्र में लोगों ने बताया कि घटना के बाद इलाके में अफरा-तफरी मच गई पुलिस ने मामले की जांच शुरू कर दी है अधिकारियों के अनुसार आगे की कार्रवाई की जाएगी त्वरित खबर विभाग पुलिस जांच नगर क्षेत्र सूचना अधिकारी मामला दर्ज जानकारी कार्रवाई रिपोर्ट विवरण संबंधित प्रशासन निवासी थाना शिकायत तहरीर गिरफ्तार आरोपी परिजन अस्पताल उपचार मौके पहुंची टीम प्रदर्शन मांग सरकार जिले क्षेत्र में लोगों ने बताया कि घटना के बाद इलाके में अफरा-तफरी मच गई पुलिस ने मामले की जांच शुरू कर दी है
DP/13136/SW/2026
अनुपस्थित व्यक्ति की हाजिरी की अपेक्षा करने वाली उद्घोषणा
धारा 82 सीआरपीसी/84 बीएनएसएस देखिए
त्वरित खबर विभाग पुलिस जांच नगर क्षेत्र सूचना अधिकारी मामला दर्ज जानकारी कार्रवाई रिपोर्ट विवरण संबंधित प्रशासन निवासी थाना शिकायत तहरीर गिरफ्तार आरोपी परिजन अस्पताल उपचार मौके पहुंची टीम प्रदर्शन मांग सरकार जिले क्षेत्र में लोगों ने बताया कि घटना के बाद इलाके में अफरा-तफरी मच गई पुलिस ने मामले की जांच शुरू कर दी है अधिकारियों के अनुसार आगे की कार्रवाई की जाएगी त्वरित खबर विभाग पुलिस जांच नगर क्षेत्र सूचना अधिकारी मामला दर्ज जानकारी कार्रवाई रिपोर्ट विवरण संबंधित प्रशासन निवासी थाना शिकायत तहरीर गिरफ्तार आरोपी परिजन अस्पताल उपचार मौके पहुंची टीम प्रदर्शन मांग सरकार जिले क्षेत्र में लोगों ने बताया कि घटना के बाद इलाके में अफरा-तफरी मच गई पुलिस ने मामले की जांच शुरू कर दी है अधिकारियों के अनुसार आगे की कार्रवाई की जाएगी त्वरित खबर विभाग पुलिस जांच नगर क्षेत्र सूचना अधिकारी मामला दर्ज जानकारी कार्रवाई रिपोर्ट विवरण संबंधित प्रशासन निवासी थाना शिकायत तहरीर गिरफ्तार आरोपी परिजन अस्पताल उपचार मौके पहुंची टीम प्रदर्शन मांग सरकार जिले क्षेत्र में लोगों ने बताया कि घटना के बाद इलाके में अफरा-तफरी मच गई पुलिस ने मामले की जांच शुरू कर दी है
DP/13291/ON/2026 (Court Matter)
